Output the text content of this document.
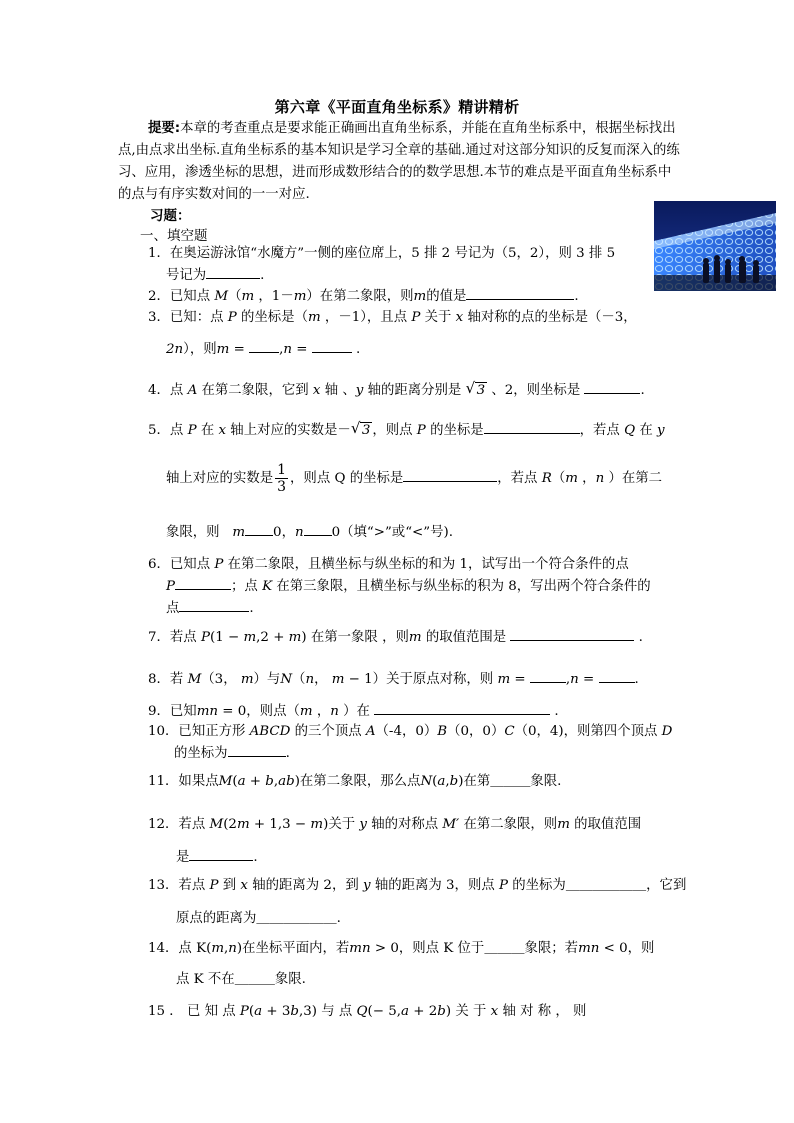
第六章《平面直角坐标系》精讲精析
提要:本章的考查重点是要求能正确画出直角坐标系，并能在直角坐标系中，根据坐标找出点,由点求出坐标.直角坐标系的基本知识是学习全章的基础.通过对这部分知识的反复而深入的练习、应用，渗透坐标的思想，进而形成数形结合的的数学思想.本节的难点是平面直角坐标系中的点与有序实数对间的一一对应.
习题：
一、填空题
1．在奥运游泳馆“水魔方”一侧的座位席上，5 排 2 号记为（5，2），则 3 排 5
号记为	.
2．已知点 M（m ，1－m）在第二象限，则m的值是	.
3．已知：点 P 的坐标是（m ，－1），且点 P 关于 x 轴对称的点的坐标是（－3，
2n），则m = ,n =	.
4．点 A 在第二象限，它到 x 轴 、y 轴的距离分别是 √ 3 、2，则坐标是	.
5．点 P 在 x 轴上对应的实数是－ √ 3 ，则点 P 的坐标是	，若点 Q 在 y
轴上对应的实数是 $\frac{1}{3}$ ，则点 Q 的坐标是	，若点 R（m ，n ）在第二
象限，则   m 0，n 0（填“>”或“<”号).
6．已知点 P 在第二象限，且横坐标与纵坐标的和为 1，试写出一个符合条件的点
P	；点 K 在第三象限，且横坐标与纵坐标的积为 8，写出两个符合条件的
点	.
7．若点 P(1 − m,2 + m) 在第一象限 ，则m 的取值范围是	.
8．若 M（3， m）与N（n， m − 1）关于原点对称，则 m =	,n =	.
9．已知mn = 0，则点（m ，n ）在	.
10．已知正方形 ABCD 的三个顶点 A（-4，0）B（0，0）C（0，4)，则第四个顶点 D
的坐标为	.
11．如果点M(a + b,ab)在第二象限，那么点N(a,b)在第＿＿＿象限.
12．若点 M(2m + 1,3 − m)关于 y 轴的对称点 M′ 在第二象限，则m 的取值范围
是	.
13．若点 P 到 x 轴的距离为 2，到 y 轴的距离为 3，则点 P 的坐标为＿＿＿＿＿＿，它到
原点的距离为＿＿＿＿＿＿.
14．点 K(m,n)在坐标平面内，若mn > 0，则点 K 位于＿＿＿象限；若mn < 0，则
点 K 不在＿＿＿象限.
15 ． 已 知 点 P(a + 3b,3) 与 点 Q(− 5,a + 2b) 关 于 x 轴 对 称 ， 则
